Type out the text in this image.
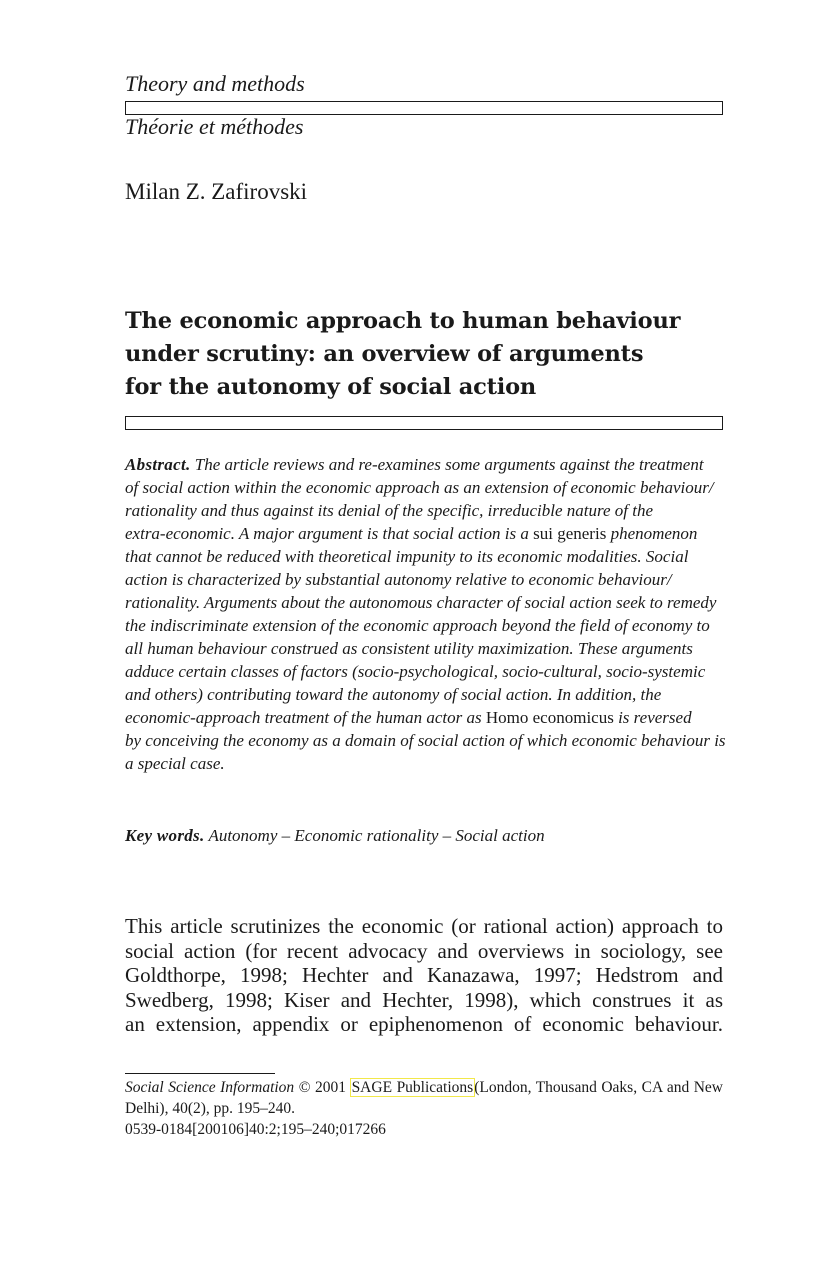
Theory and methods
Théorie et méthodes
Milan Z. Zafirovski
The economic approach to human behaviour
under scrutiny: an overview of arguments
for the autonomy of social action

Abstract. The article reviews and re-examines some arguments against the treatment
of social action within the economic approach as an extension of economic behaviour/
rationality and thus against its denial of the specific, irreducible nature of the
extra-economic. A major argument is that social action is a sui generis phenomenon
that cannot be reduced with theoretical impunity to its economic modalities. Social
action is characterized by substantial autonomy relative to economic behaviour/
rationality. Arguments about the autonomous character of social action seek to remedy
the indiscriminate extension of the economic approach beyond the field of economy to
all human behaviour construed as consistent utility maximization. These arguments
adduce certain classes of factors (socio-psychological, socio-cultural, socio-systemic
and others) contributing toward the autonomy of social action. In addition, the
economic-approach treatment of the human actor as Homo economicus is reversed
by conceiving the economy as a domain of social action of which economic behaviour is
a special case.

Key words. Autonomy – Economic rationality – Social action

This article scrutinizes the economic (or rational action) approach to
social action (for recent advocacy and overviews in sociology, see
Goldthorpe, 1998; Hechter and Kanazawa, 1997; Hedstrom and
Swedberg, 1998; Kiser and Hechter, 1998), which construes it as
an extension, appendix or epiphenomenon of economic behaviour.

Social Science Information © 2001 SAGE Publications(London, Thousand Oaks, CA and New
Delhi), 40(2), pp. 195–240.
0539-0184[200106]40:2;195–240;017266
